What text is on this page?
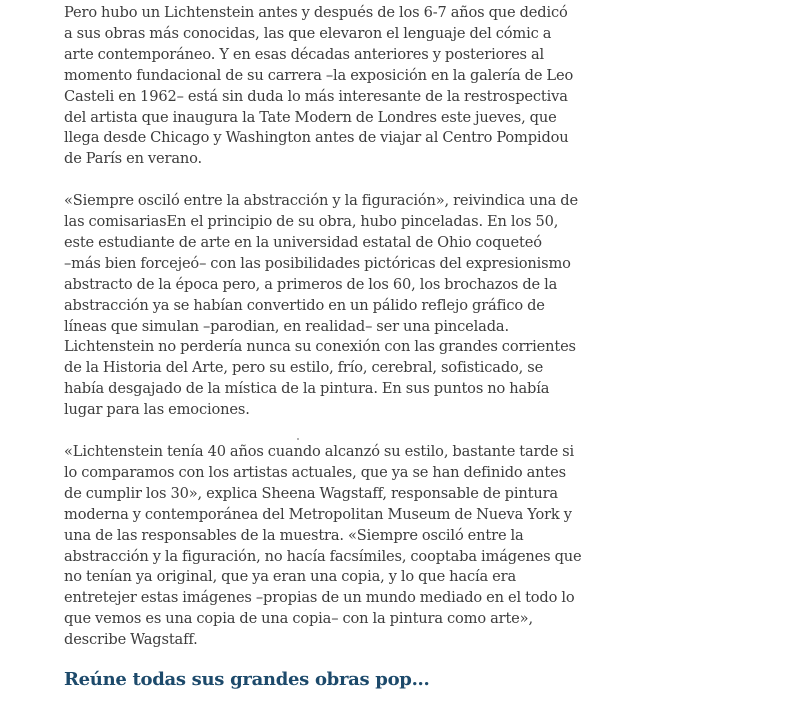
Pero hubo un Lichtenstein antes y después de los 6-7 años que dedicó
a sus obras más conocidas, las que elevaron el lenguaje del cómic a
arte contemporáneo. Y en esas décadas anteriores y posteriores al
momento fundacional de su carrera –la exposición en la galería de Leo
Casteli en 1962– está sin duda lo más interesante de la restrospectiva
del artista que inaugura la Tate Modern de Londres este jueves, que
llega desde Chicago y Washington antes de viajar al Centro Pompidou
de París en verano.

«Siempre osciló entre la abstracción y la figuración», reivindica una de
las comisariasEn el principio de su obra, hubo pinceladas. En los 50,
este estudiante de arte en la universidad estatal de Ohio coqueteó
–más bien forcejeó– con las posibilidades pictóricas del expresionismo
abstracto de la época pero, a primeros de los 60, los brochazos de la
abstracción ya se habían convertido en un pálido reflejo gráfico de
líneas que simulan –parodian, en realidad– ser una pincelada.
Lichtenstein no perdería nunca su conexión con las grandes corrientes
de la Historia del Arte, pero su estilo, frío, cerebral, sofisticado, se
había desgajado de la mística de la pintura. En sus puntos no había
lugar para las emociones.

«Lichtenstein tenía 40 años cuando alcanzó su estilo, bastante tarde si
lo comparamos con los artistas actuales, que ya se han definido antes
de cumplir los 30», explica Sheena Wagstaff, responsable de pintura
moderna y contemporánea del Metropolitan Museum de Nueva York y
una de las responsables de la muestra. «Siempre osciló entre la
abstracción y la figuración, no hacía facsímiles, cooptaba imágenes que
no tenían ya original, que ya eran una copia, y lo que hacía era
entretejer estas imágenes –propias de un mundo mediado en el todo lo
que vemos es una copia de una copia– con la pintura como arte»,
describe Wagstaff.

Reúne todas sus grandes obras pop...
